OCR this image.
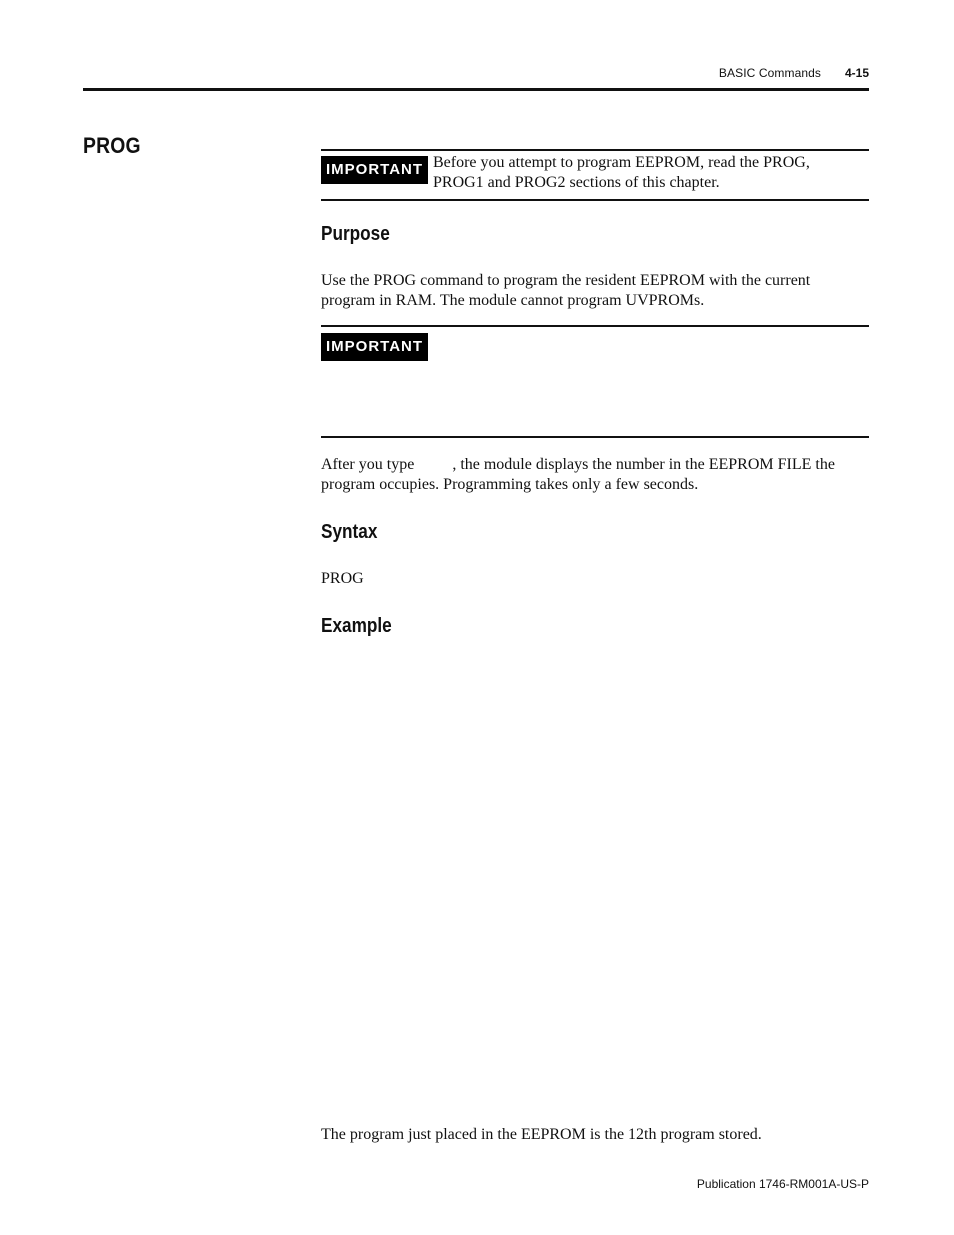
BASIC Commands 4-15
PROG
IMPORTANT Before you attempt to program EEPROM, read the PROG,
PROG1 and PROG2 sections of this chapter.
Purpose
Use the PROG command to program the resident EEPROM with the current
program in RAM. The module cannot program UVPROMs.
IMPORTANT
After you type , the module displays the number in the EEPROM FILE the
program occupies. Programming takes only a few seconds.
Syntax
PROG
Example
The program just placed in the EEPROM is the 12th program stored.
Publication 1746-RM001A-US-P
